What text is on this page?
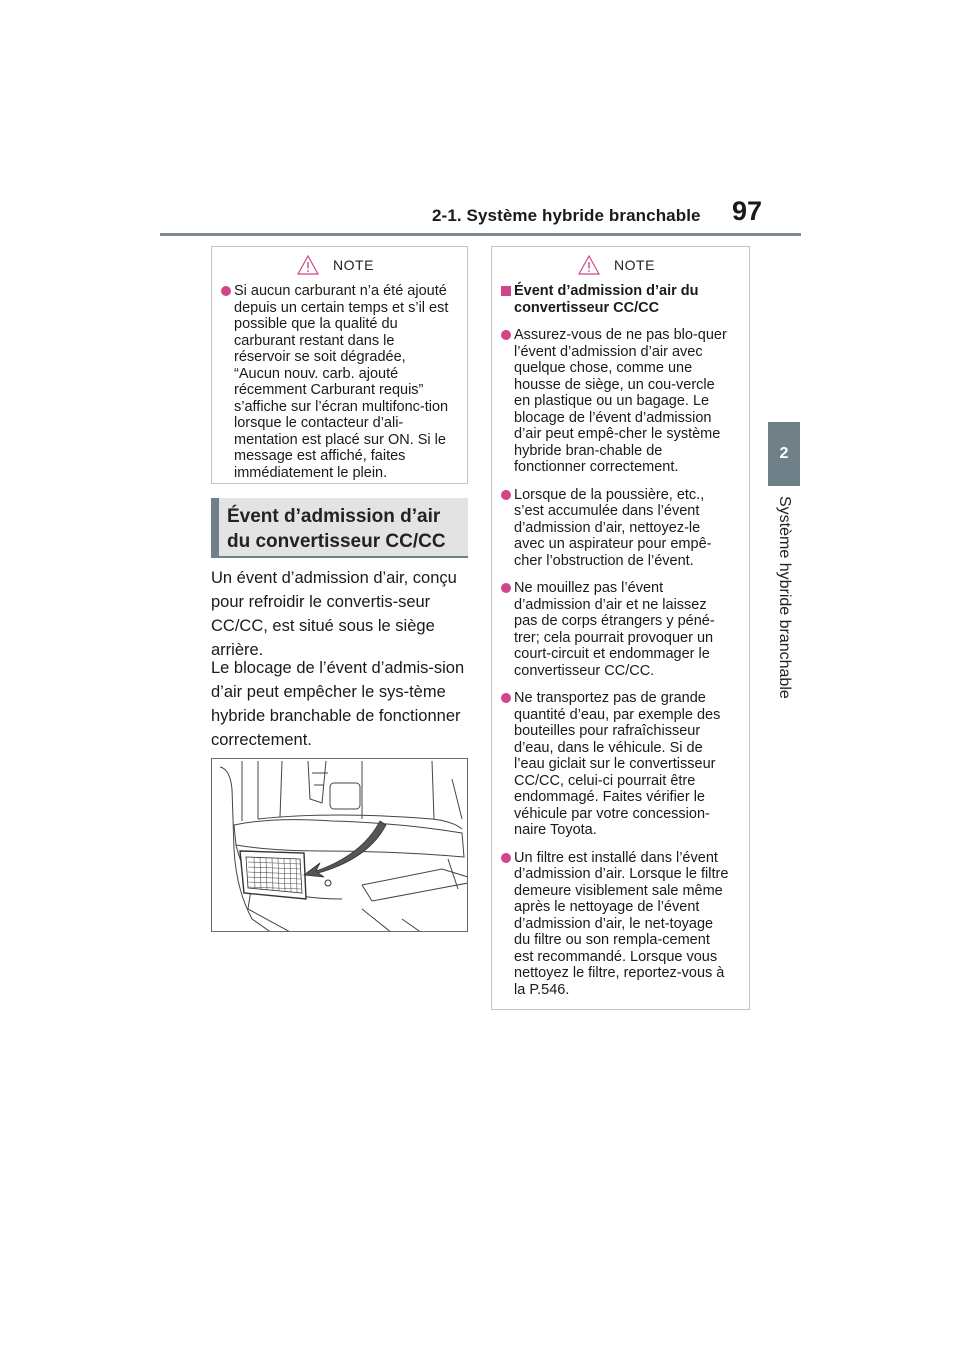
2-1. Système hybride branchable 97
2
Système hybride branchable
NOTE
Si aucun carburant n’a été ajouté depuis un certain temps et s’il est possible que la qualité du carburant restant dans le réservoir se soit dégradée, “Aucun nouv. carb. ajouté récemment Carburant requis” s’affiche sur l’écran multifonc-tion lorsque le contacteur d’ali-mentation est placé sur ON. Si le message est affiché, faites immédiatement le plein.
Évent d’admission d’air
du convertisseur CC/CC
Un évent d’admission d’air, conçu pour refroidir le convertis-seur CC/CC, est situé sous le siège arrière.
Le blocage de l’évent d’admis-sion d’air peut empêcher le sys-tème hybride branchable de fonctionner correctement.
NOTE
Évent d’admission d’air du convertisseur CC/CC
Assurez-vous de ne pas blo-quer l’évent d’admission d’air avec quelque chose, comme une housse de siège, un cou-vercle en plastique ou un bagage. Le blocage de l’évent d’admission d’air peut empê-cher le système hybride bran-chable de fonctionner correctement.
Lorsque de la poussière, etc., s’est accumulée dans l’évent d’admission d’air, nettoyez-le avec un aspirateur pour empê-cher l’obstruction de l’évent.
Ne mouillez pas l’évent d’admission d’air et ne laissez pas de corps étrangers y péné-trer; cela pourrait provoquer un court-circuit et endommager le convertisseur CC/CC.
Ne transportez pas de grande quantité d’eau, par exemple des bouteilles pour rafraîchisseur d’eau, dans le véhicule. Si de l’eau giclait sur le convertisseur CC/CC, celui-ci pourrait être endommagé. Faites vérifier le véhicule par votre concession-naire Toyota.
Un filtre est installé dans l’évent d’admission d’air. Lorsque le filtre demeure visiblement sale même après le nettoyage de l’évent d’admission d’air, le net-toyage du filtre ou son rempla-cement est recommandé. Lorsque vous nettoyez le filtre, reportez-vous à la P.546.
